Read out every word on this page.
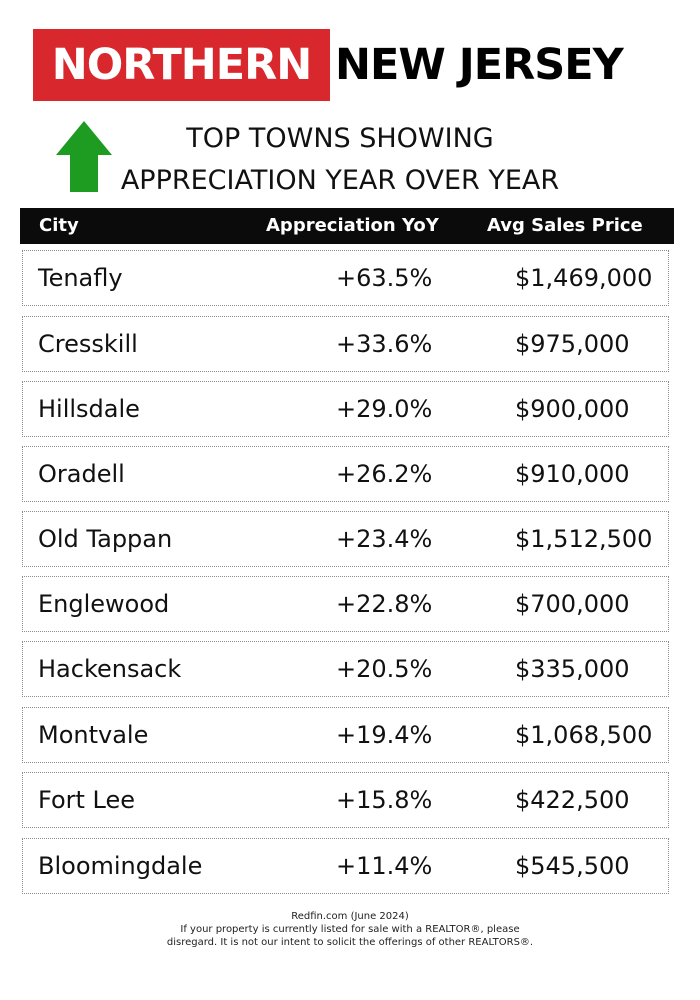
NORTHERN NEW JERSEY
TOP TOWNS SHOWING
APPRECIATION YEAR OVER YEAR
City	Appreciation YoY	Avg Sales Price
Tenafly	+63.5%	$1,469,000
Cresskill	+33.6%	$975,000
Hillsdale	+29.0%	$900,000
Oradell	+26.2%	$910,000
Old Tappan	+23.4%	$1,512,500
Englewood	+22.8%	$700,000
Hackensack	+20.5%	$335,000
Montvale	+19.4%	$1,068,500
Fort Lee	+15.8%	$422,500
Bloomingdale	+11.4%	$545,500
Redfin.com (June 2024)
If your property is currently listed for sale with a REALTOR®, please
disregard. It is not our intent to solicit the offerings of other REALTORS®.
